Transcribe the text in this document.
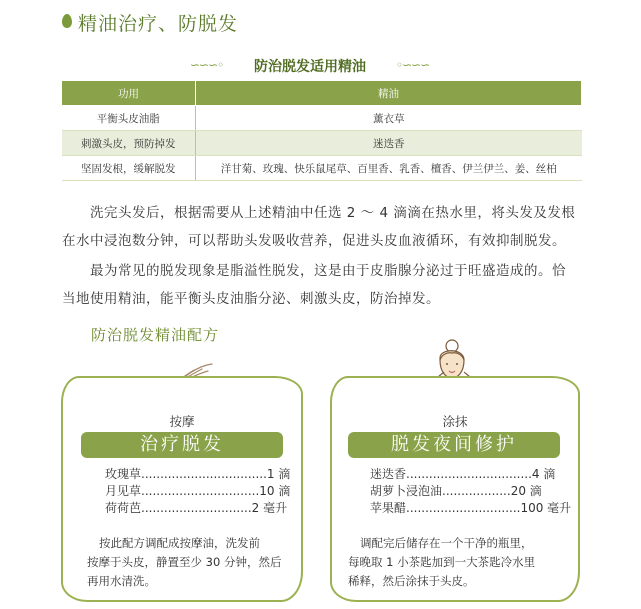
精油治疗、防脱发
∽∽∽◦ 防治脱发适用精油	◦∽∽∽
功用	精油
平衡头皮油脂	薰衣草
刺激头皮，预防掉发	迷迭香
坚固发根，缓解脱发	洋甘菊、玫瑰、快乐鼠尾草、百里香、乳香、檀香、伊兰伊兰、姜、丝柏
洗完头发后，根据需要从上述精油中任选 2 ～ 4 滴滴在热水里，将头发及发根
在水中浸泡数分钟，可以帮助头发吸收营养，促进头皮血液循环，有效抑制脱发。
最为常见的脱发现象是脂溢性脱发，这是由于皮脂腺分泌过于旺盛造成的。恰
当地使用精油，能平衡头皮油脂分泌、刺激头皮，防治掉发。
防治脱发精油配方
按摩
治疗脱发
玫瑰草.................................1 滴
月见草...............................10 滴
荷荷芭.............................2 毫升
按此配方调配成按摩油，洗发前
按摩于头皮，静置至少 30 分钟，然后
再用水清洗。
涂抹
脱发夜间修护
迷迭香.................................4 滴
胡萝卜浸泡油..................20 滴
苹果醋..............................100 毫升
调配完后储存在一个干净的瓶里，
每晚取 1 小茶匙加到一大茶匙冷水里
稀释，然后涂抹于头皮。
